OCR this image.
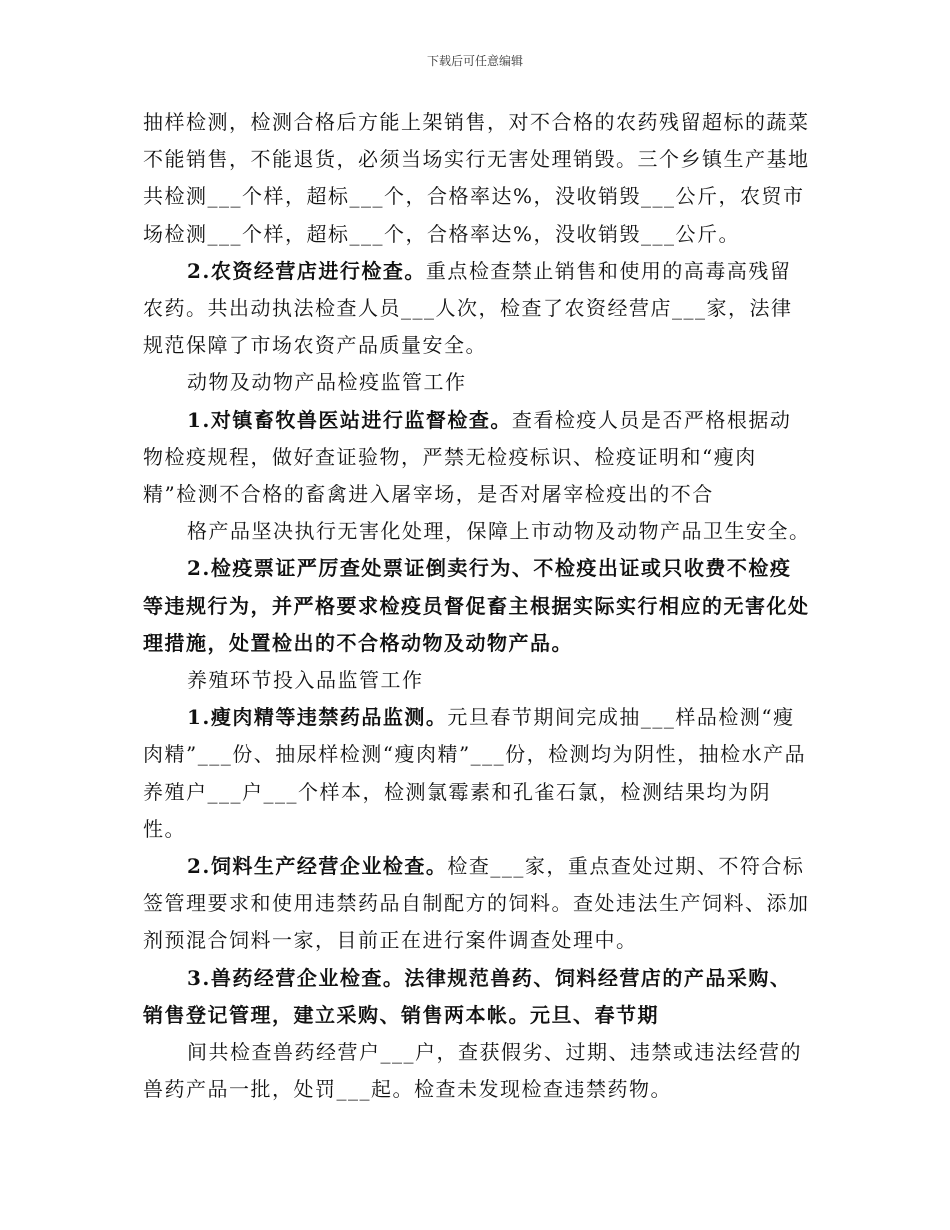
下载后可任意编辑

抽样检测，检测合格后方能上架销售，对不合格的农药残留超标的蔬菜不能销售，不能退货，必须当场实行无害处理销毁。三个乡镇生产基地共检测___个样，超标___个，合格率达%，没收销毁___公斤，农贸市场检测___个样，超标___个，合格率达%，没收销毁___公斤。

2.农资经营店进行检查。重点检查禁止销售和使用的高毒高残留农药。共出动执法检查人员___人次，检查了农资经营店___家，法律规范保障了市场农资产品质量安全。

动物及动物产品检疫监管工作

1.对镇畜牧兽医站进行监督检查。查看检疫人员是否严格根据动物检疫规程，做好查证验物，严禁无检疫标识、检疫证明和“瘦肉精”检测不合格的畜禽进入屠宰场，是否对屠宰检疫出的不合

格产品坚决执行无害化处理，保障上市动物及动物产品卫生安全。

2.检疫票证严厉查处票证倒卖行为、不检疫出证或只收费不检疫等违规行为，并严格要求检疫员督促畜主根据实际实行相应的无害化处理措施，处置检出的不合格动物及动物产品。

养殖环节投入品监管工作

1.瘦肉精等违禁药品监测。元旦春节期间完成抽___样品检测“瘦肉精”___份、抽尿样检测“瘦肉精”___份，检测均为阴性，抽检水产品养殖户___户___个样本，检测氯霉素和孔雀石氯，检测结果均为阴性。

2.饲料生产经营企业检查。检查___家，重点查处过期、不符合标签管理要求和使用违禁药品自制配方的饲料。查处违法生产饲料、添加剂预混合饲料一家，目前正在进行案件调查处理中。

3.兽药经营企业检查。法律规范兽药、饲料经营店的产品采购、销售登记管理，建立采购、销售两本帐。元旦、春节期

间共检查兽药经营户___户，查获假劣、过期、违禁或违法经营的兽药产品一批，处罚___起。检查未发现检查违禁药物。
